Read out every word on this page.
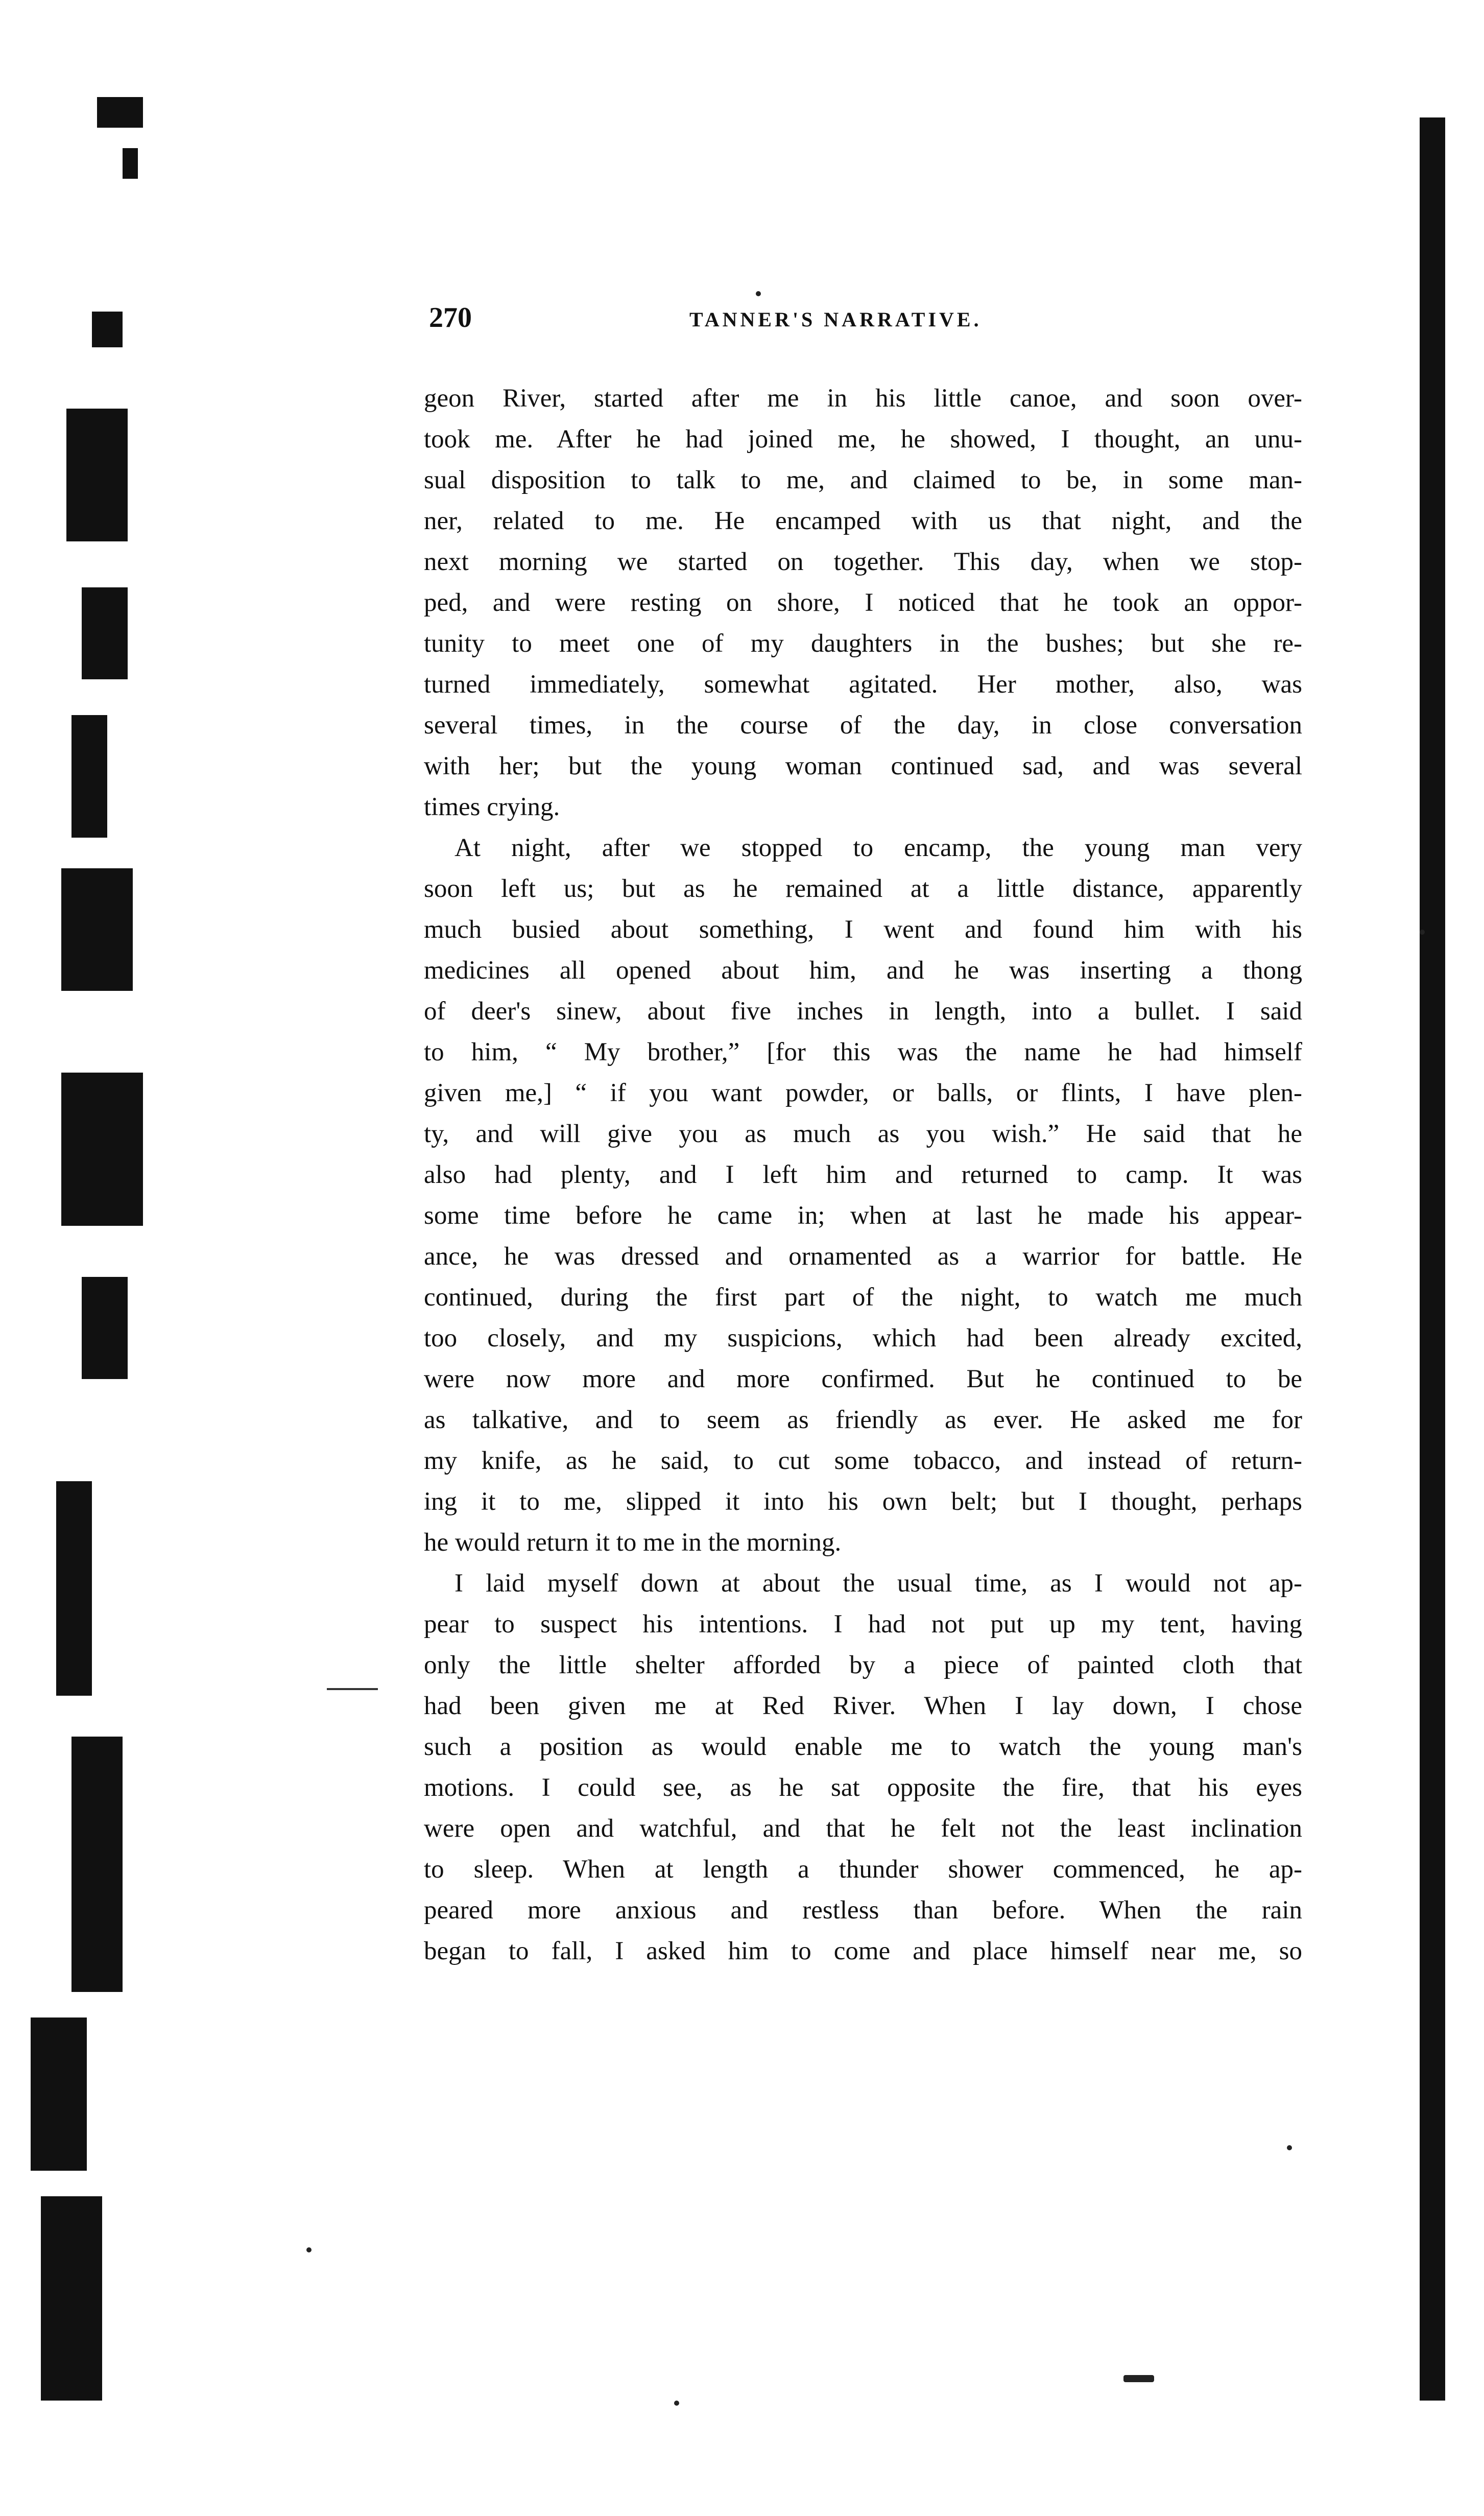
270	TANNER'S NARRATIVE.
geon River, started after me in his little canoe, and soon over-
took me. After he had joined me, he showed, I thought, an unu-
sual disposition to talk to me, and claimed to be, in some man-
ner, related to me. He encamped with us that night, and the
next morning we started on together. This day, when we stop-
ped, and were resting on shore, I noticed that he took an oppor-
tunity to meet one of my daughters in the bushes; but she re-
turned immediately, somewhat agitated. Her mother, also, was
several times, in the course of the day, in close conversation
with her; but the young woman continued sad, and was several
times crying.
At night, after we stopped to encamp, the young man very
soon left us; but as he remained at a little distance, apparently
much busied about something, I went and found him with his
medicines all opened about him, and he was inserting a thong
of deer's sinew, about five inches in length, into a bullet. I said
to him, “ My brother,” [for this was the name he had himself
given me,] “ if you want powder, or balls, or flints, I have plen-
ty, and will give you as much as you wish.” He said that he
also had plenty, and I left him and returned to camp. It was
some time before he came in; when at last he made his appear-
ance, he was dressed and ornamented as a warrior for battle. He
continued, during the first part of the night, to watch me much
too closely, and my suspicions, which had been already excited,
were now more and more confirmed. But he continued to be
as talkative, and to seem as friendly as ever. He asked me for
my knife, as he said, to cut some tobacco, and instead of return-
ing it to me, slipped it into his own belt; but I thought, perhaps
he would return it to me in the morning.
I laid myself down at about the usual time, as I would not ap-
pear to suspect his intentions. I had not put up my tent, having
only the little shelter afforded by a piece of painted cloth that
had been given me at Red River. When I lay down, I chose
such a position as would enable me to watch the young man's
motions. I could see, as he sat opposite the fire, that his eyes
were open and watchful, and that he felt not the least inclination
to sleep. When at length a thunder shower commenced, he ap-
peared more anxious and restless than before. When the rain
began to fall, I asked him to come and place himself near me, so
